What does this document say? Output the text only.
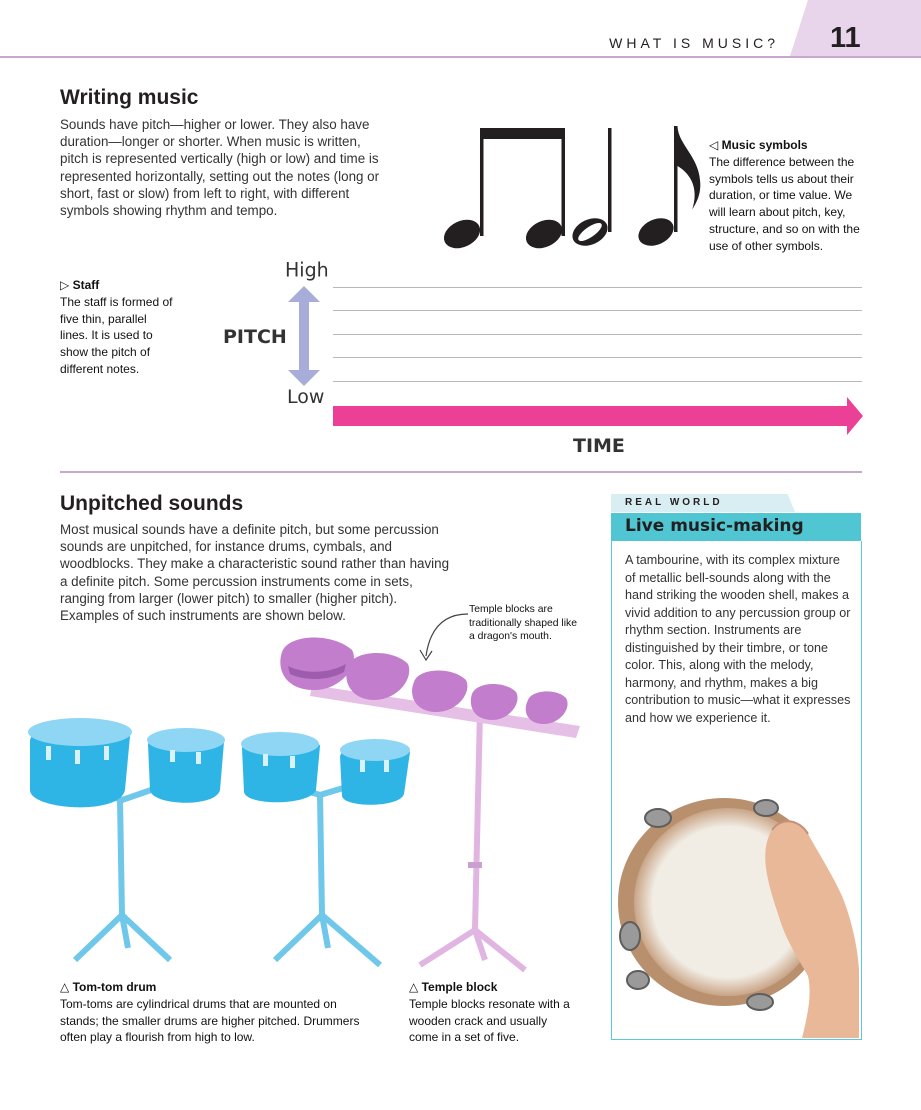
WHAT IS MUSIC? 11
Writing music
Sounds have pitch—higher or lower. They also have duration—longer or shorter. When music is written, pitch is represented vertically (high or low) and time is represented horizontally, setting out the notes (long or short, fast or slow) from left to right, with different symbols showing rhythm and tempo.
◁ Music symbols
The difference between the symbols tells us about their duration, or time value. We will learn about pitch, key, structure, and so on with the use of other symbols.
▷ Staff
The staff is formed of five thin, parallel lines. It is used to show the pitch of different notes.
High
PITCH
Low
TIME
Unpitched sounds
Most musical sounds have a definite pitch, but some percussion sounds are unpitched, for instance drums, cymbals, and woodblocks. They make a characteristic sound rather than having a definite pitch. Some percussion instruments come in sets, ranging from larger (lower pitch) to smaller (higher pitch). Examples of such instruments are shown below.	Temple blocks are traditionally shaped like a dragon's mouth.
△ Tom-tom drum
Tom-toms are cylindrical drums that are mounted on stands; the smaller drums are higher pitched. Drummers often play a flourish from high to low.
△ Temple block
Temple blocks resonate with a wooden crack and usually come in a set of five.
REAL WORLD
Live music-making
A tambourine, with its complex mixture of metallic bell-sounds along with the hand striking the wooden shell, makes a vivid addition to any percussion group or rhythm section. Instruments are distinguished by their timbre, or tone color. This, along with the melody, harmony, and rhythm, makes a big contribution to music—what it expresses and how we experience it.
